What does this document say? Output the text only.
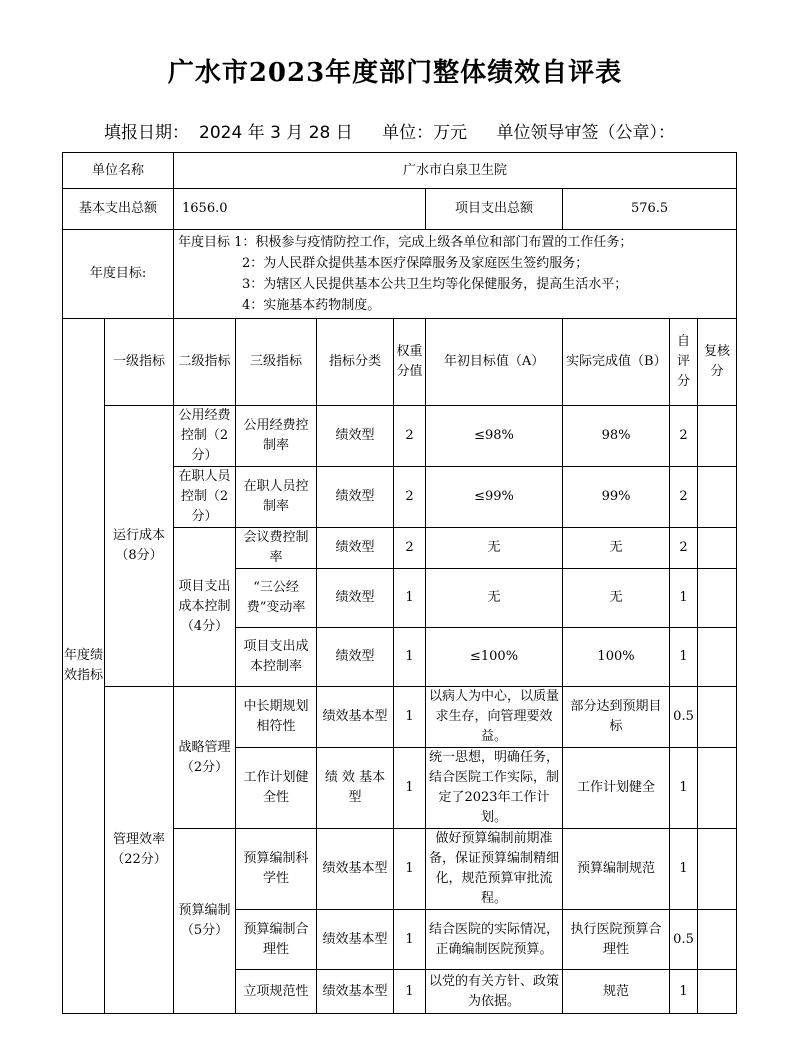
广水市2023年度部门整体绩效自评表
填报日期： 2024 年 3 月 28 日 单位：万元 单位领导审签（公章）：
单位名称		广水市白泉卫生院							
基本支出总额		1656.0				项目支出总额	576.5		
年度目标:		年度目标 1：积极参与疫情防控工作，完成上级各单位和部门布置的工作任务；
2：为人民群众提供基本医疗保障服务及家庭医生签约服务；
3：为辖区人民提供基本公共卫生均等化保健服务，提高生活水平；
4：实施基本药物制度。							

年度绩效指标	一级指标	二级指标	三级指标	指标分类	权重分值	年初目标值（A）	实际完成值（B）	自评分	复核分
	运行成本（8分）	公用经费控制（2分）	公用经费控制率	绩效型	2	≤98%	98%	2	
		在职人员控制（2分）	在职人员控制率	绩效型	2	≤99%	99%	2	
		项目支出成本控制（4分）	会议费控制率	绩效型	2	无	无	2	
			“三公经费”变动率	绩效型	1	无	无	1	
			项目支出成本控制率	绩效型	1	≤100%	100%	1	
	管理效率（22分）	战略管理（2分）	中长期规划相符性	绩效基本型	1	以病人为中心，以质量求生存，向管理要效益。	部分达到预期目标	0.5	
			工作计划健全性	绩 效 基本型	1	统一思想，明确任务，结合医院工作实际，制定了2023年工作计划。	工作计划健全	1	
		预算编制（5分）	预算编制科学性	绩效基本型	1	做好预算编制前期准备，保证预算编制精细化，规范预算审批流程。	预算编制规范	1	
			预算编制合理性	绩效基本型	1	结合医院的实际情况，正确编制医院预算。	执行医院预算合理性	0.5	
			立项规范性	绩效基本型	1	以党的有关方针、政策为依据。	规范	1	
